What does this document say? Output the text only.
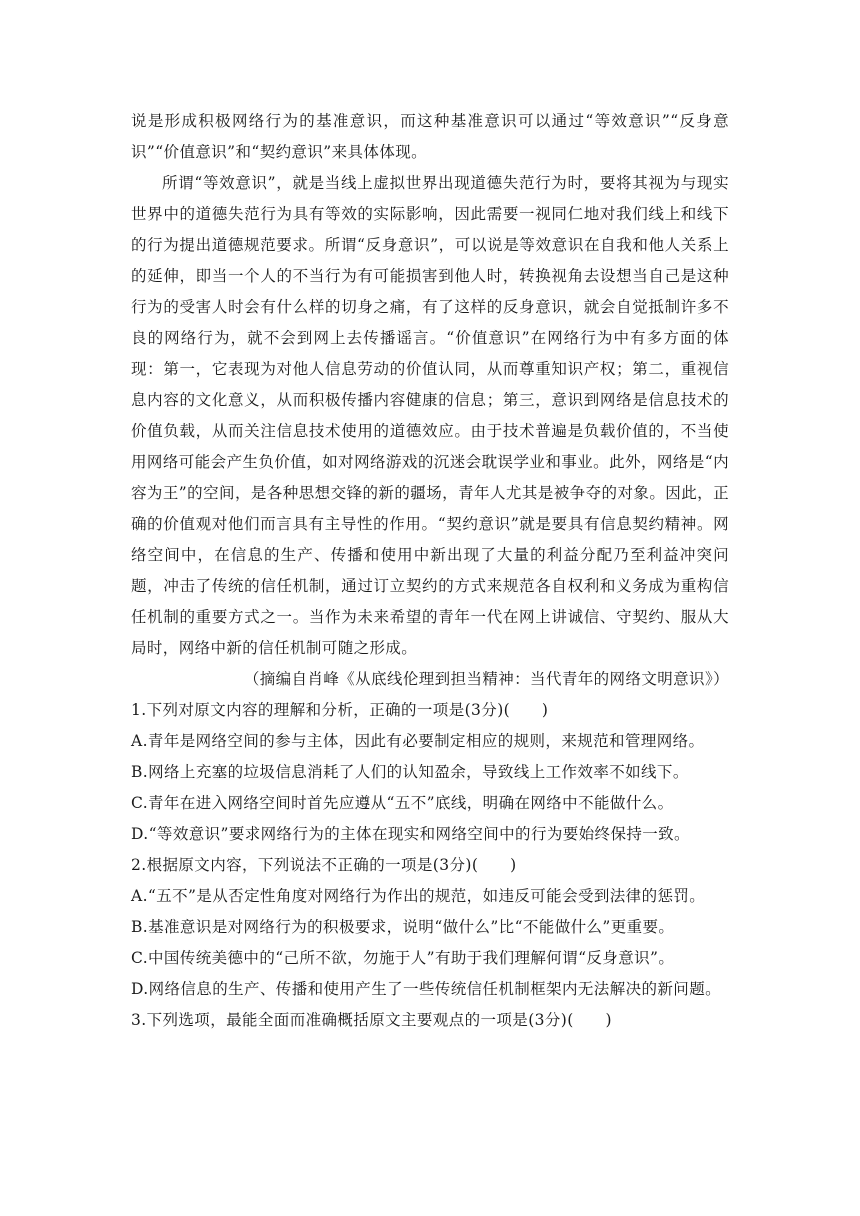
说是形成积极网络行为的基准意识，而这种基准意识可以通过“等效意识”“反身意识”“价值意识”和“契约意识”来具体体现。

所谓“等效意识”，就是当线上虚拟世界出现道德失范行为时，要将其视为与现实世界中的道德失范行为具有等效的实际影响，因此需要一视同仁地对我们线上和线下的行为提出道德规范要求。所谓“反身意识”，可以说是等效意识在自我和他人关系上的延伸，即当一个人的不当行为有可能损害到他人时，转换视角去设想当自己是这种行为的受害人时会有什么样的切身之痛，有了这样的反身意识，就会自觉抵制许多不良的网络行为，就不会到网上去传播谣言。“价值意识”在网络行为中有多方面的体现：第一，它表现为对他人信息劳动的价值认同，从而尊重知识产权；第二，重视信息内容的文化意义，从而积极传播内容健康的信息；第三，意识到网络是信息技术的价值负载，从而关注信息技术使用的道德效应。由于技术普遍是负载价值的，不当使用网络可能会产生负价值，如对网络游戏的沉迷会耽误学业和事业。此外，网络是“内容为王”的空间，是各种思想交锋的新的疆场，青年人尤其是被争夺的对象。因此，正确的价值观对他们而言具有主导性的作用。“契约意识”就是要具有信息契约精神。网络空间中，在信息的生产、传播和使用中新出现了大量的利益分配乃至利益冲突问题，冲击了传统的信任机制，通过订立契约的方式来规范各自权利和义务成为重构信任机制的重要方式之一。当作为未来希望的青年一代在网上讲诚信、守契约、服从大局时，网络中新的信任机制可随之形成。

（摘编自肖峰《从底线伦理到担当精神：当代青年的网络文明意识》）

1.下列对原文内容的理解和分析，正确的一项是(3分)(　　)

A.青年是网络空间的参与主体，因此有必要制定相应的规则，来规范和管理网络。

B.网络上充塞的垃圾信息消耗了人们的认知盈余，导致线上工作效率不如线下。

C.青年在进入网络空间时首先应遵从“五不”底线，明确在网络中不能做什么。

D.“等效意识”要求网络行为的主体在现实和网络空间中的行为要始终保持一致。

2.根据原文内容，下列说法不正确的一项是(3分)(　　)

A.“五不”是从否定性角度对网络行为作出的规范，如违反可能会受到法律的惩罚。

B.基准意识是对网络行为的积极要求，说明“做什么”比“不能做什么”更重要。

C.中国传统美德中的“己所不欲，勿施于人”有助于我们理解何谓“反身意识”。

D.网络信息的生产、传播和使用产生了一些传统信任机制框架内无法解决的新问题。

3.下列选项，最能全面而准确概括原文主要观点的一项是(3分)(　　)
